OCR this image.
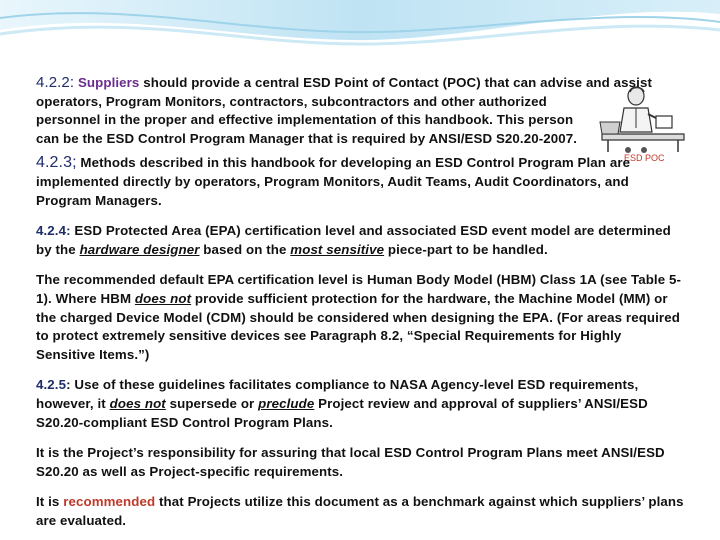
ESD POC

4.2.2: Suppliers should provide a central ESD Point of Contact (POC) that can advise and assist
operators, Program Monitors, contractors, subcontractors and other authorized
personnel in the proper and effective implementation of this handbook. This person
can be the ESD Control Program Manager that is required by ANSI/ESD S20.20-2007.

4.2.3; Methods described in this handbook for developing an ESD Control Program Plan are implemented directly by operators, Program Monitors, Audit Teams, Audit Coordinators, and Program Managers.

4.2.4: ESD Protected Area (EPA) certification level and associated ESD event model are determined by the hardware designer based on the most sensitive piece-part to be handled.

The recommended default EPA certification level is Human Body Model (HBM) Class 1A (see Table 5-1). Where HBM does not provide sufficient protection for the hardware, the Machine Model (MM) or the charged Device Model (CDM) should be considered when designing the EPA. (For areas required to protect extremely sensitive devices see Paragraph 8.2, “Special Requirements for Highly Sensitive Items.”)

4.2.5: Use of these guidelines facilitates compliance to NASA Agency-level ESD requirements, however, it does not supersede or preclude Project review and approval of suppliers’ ANSI/ESD S20.20-compliant ESD Control Program Plans.

It is the Project’s responsibility for assuring that local ESD Control Program Plans meet ANSI/ESD S20.20 as well as Project-specific requirements.

It is recommended that Projects utilize this document as a benchmark against which suppliers’ plans are evaluated.
